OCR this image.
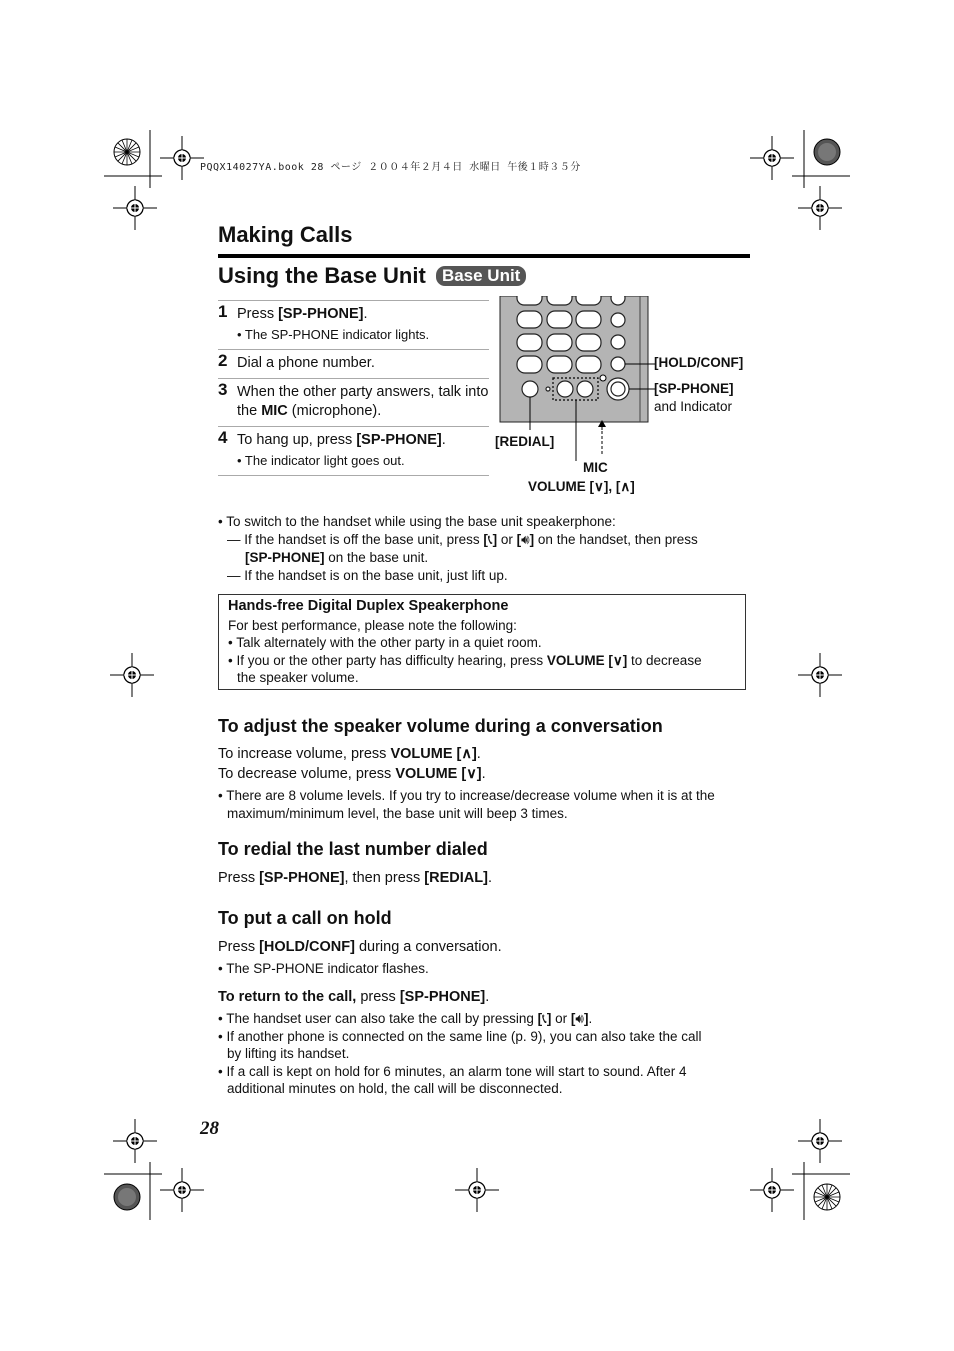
PQQX14027YA.book 28 ページ ２００４年２月４日 水曜日 午後１時３５分
Making Calls
Using the Base Unit Base Unit
1 Press [SP-PHONE].
• The SP-PHONE indicator lights.
2 Dial a phone number.
3 When the other party answers, talk into the MIC (microphone).
4 To hang up, press [SP-PHONE].
• The indicator light goes out.
[HOLD/CONF]
[SP-PHONE]
and Indicator
[REDIAL]
MIC
VOLUME [∨], [∧]
• To switch to the handset while using the base unit speakerphone:
— If the handset is off the base unit, press [📞︎] or [🔊︎] on the handset, then press
[SP-PHONE] on the base unit.
— If the handset is on the base unit, just lift up.
Hands-free Digital Duplex Speakerphone
For best performance, please note the following:
• Talk alternately with the other party in a quiet room.
• If you or the other party has difficulty hearing, press VOLUME [∨] to decrease
the speaker volume.
To adjust the speaker volume during a conversation
To increase volume, press VOLUME [∧].
To decrease volume, press VOLUME [∨].
• There are 8 volume levels. If you try to increase/decrease volume when it is at the
maximum/minimum level, the base unit will beep 3 times.
To redial the last number dialed
Press [SP-PHONE], then press [REDIAL].
To put a call on hold
Press [HOLD/CONF] during a conversation.
• The SP-PHONE indicator flashes.
To return to the call, press [SP-PHONE].
• The handset user can also take the call by pressing [📞︎] or [🔊︎].
• If another phone is connected on the same line (p. 9), you can also take the call
by lifting its handset.
• If a call is kept on hold for 6 minutes, an alarm tone will start to sound. After 4
additional minutes on hold, the call will be disconnected.
28
